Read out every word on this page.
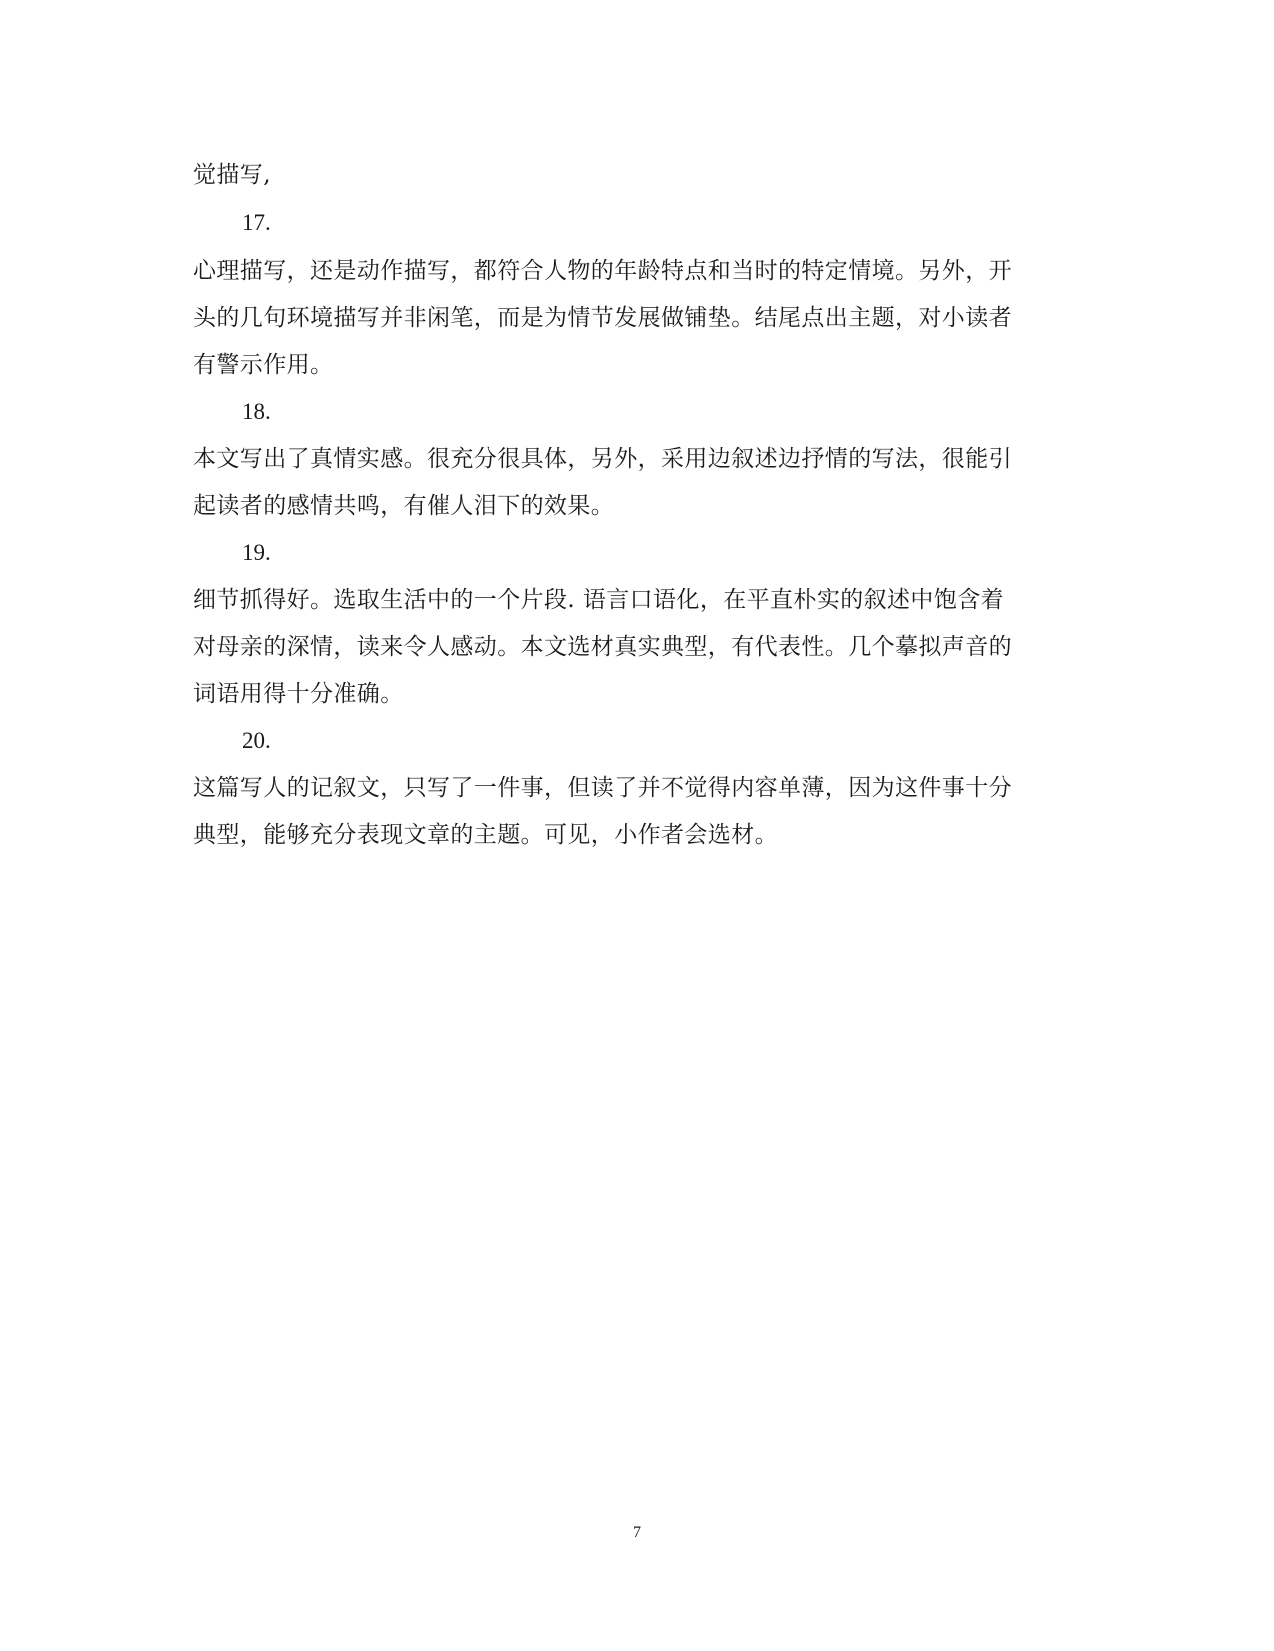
觉描写,
17.
心理描写，还是动作描写，都符合人物的年龄特点和当时的特定情境。另外，开
头的几句环境描写并非闲笔，而是为情节发展做铺垫。结尾点出主题，对小读者
有警示作用。
18.
本文写出了真情实感。很充分很具体，另外，采用边叙述边抒情的写法，很能引
起读者的感情共鸣，有催人泪下的效果。
19.
细节抓得好。选取生活中的一个片段. 语言口语化，在平直朴实的叙述中饱含着
对母亲的深情，读来令人感动。本文选材真实典型，有代表性。几个摹拟声音的
词语用得十分准确。
20.
这篇写人的记叙文，只写了一件事，但读了并不觉得内容单薄，因为这件事十分
典型，能够充分表现文章的主题。可见，小作者会选材。
7
